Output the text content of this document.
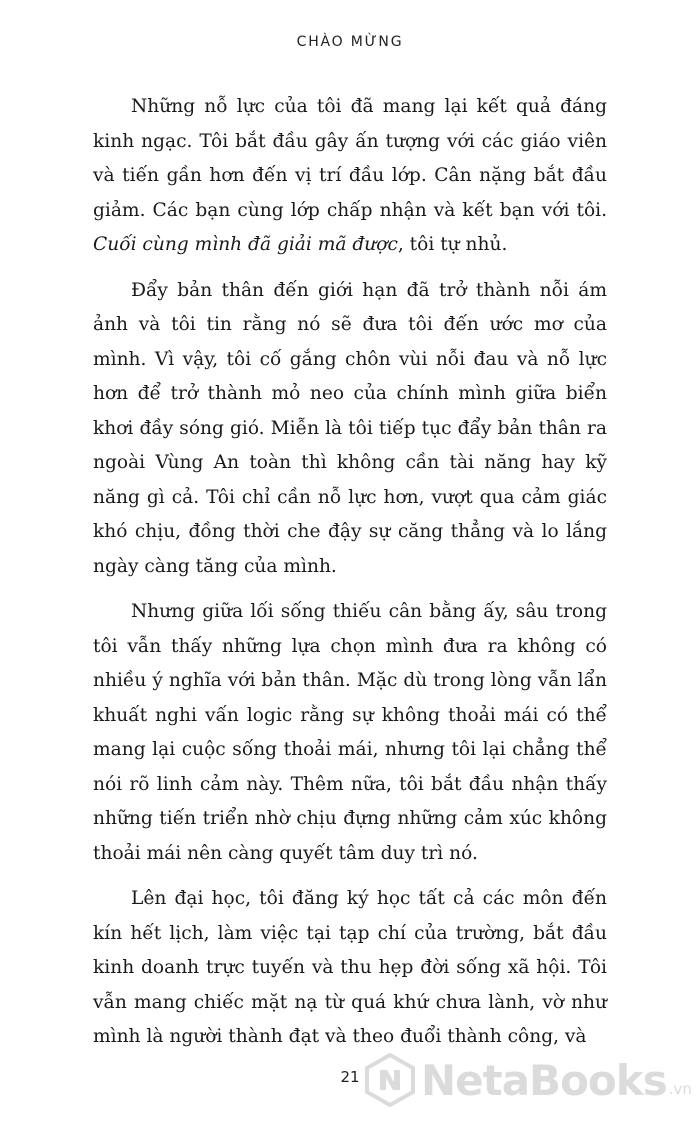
CHÀO MỪNG

Những nỗ lực của tôi đã mang lại kết quả đáng kinh ngạc. Tôi bắt đầu gây ấn tượng với các giáo viên và tiến gần hơn đến vị trí đầu lớp. Cân nặng bắt đầu giảm. Các bạn cùng lớp chấp nhận và kết bạn với tôi. Cuối cùng mình đã giải mã được, tôi tự nhủ.

Đẩy bản thân đến giới hạn đã trở thành nỗi ám ảnh và tôi tin rằng nó sẽ đưa tôi đến ước mơ của mình. Vì vậy, tôi cố gắng chôn vùi nỗi đau và nỗ lực hơn để trở thành mỏ neo của chính mình giữa biển khơi đầy sóng gió. Miễn là tôi tiếp tục đẩy bản thân ra ngoài Vùng An toàn thì không cần tài năng hay kỹ năng gì cả. Tôi chỉ cần nỗ lực hơn, vượt qua cảm giác khó chịu, đồng thời che đậy sự căng thẳng và lo lắng ngày càng tăng của mình.

Nhưng giữa lối sống thiếu cân bằng ấy, sâu trong tôi vẫn thấy những lựa chọn mình đưa ra không có nhiều ý nghĩa với bản thân. Mặc dù trong lòng vẫn lẩn khuất nghi vấn logic rằng sự không thoải mái có thể mang lại cuộc sống thoải mái, nhưng tôi lại chẳng thể nói rõ linh cảm này. Thêm nữa, tôi bắt đầu nhận thấy những tiến triển nhờ chịu đựng những cảm xúc không thoải mái nên càng quyết tâm duy trì nó.

Lên đại học, tôi đăng ký học tất cả các môn đến kín hết lịch, làm việc tại tạp chí của trường, bắt đầu kinh doanh trực tuyến và thu hẹp đời sống xã hội. Tôi vẫn mang chiếc mặt nạ từ quá khứ chưa lành, vờ như mình là người thành đạt và theo đuổi thành công, và

21	NetaBooks .vn
